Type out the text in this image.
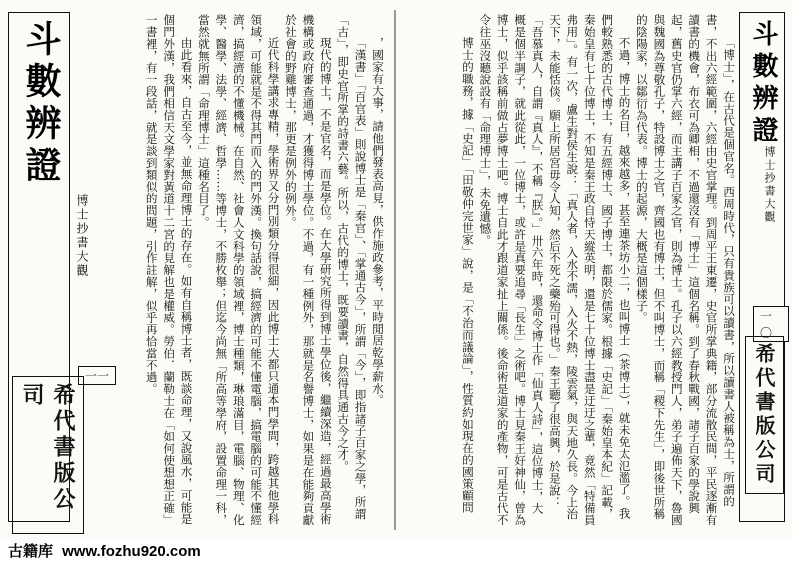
斗數辨證
博士抄書大觀
一一
希代書版公司	，國家有大事，請他們發表高見，供作施政參考，平時閒居乾學薪水。

「漢書」「百官表」則說博士是「秦官」、「掌通古今」，所謂「今」，即指諸子百家之學，所謂「古」，即史官所掌的詩書六藝。所以，古代的博士，既要讀書，自然得具通古今之才。

現代的博士，不是官名，而是學位。在大學研究所得到博士學位後，繼續深造，經過最高學術機構或政府審查通過，才獲得博士學位。不過，有一種例外，那就是名譽博士，如果是在能夠貢獻於社會的野雞博士，那更是例外的例外。

近代科學講求專精，學術界又分門別類分得很細，因此博士大都只通本門學問，跨越其他學科領域，可能就是不得其門而入的門外漢。換句話說，搞經濟的可能不懂電腦，搞電腦的可能不懂經濟，搞經濟的不懂機械。在自然、社會人文科學的領域裡，博士種類，琳琅滿目，電腦、物理、化學、醫學、法學、經濟、哲學……等博士，不勝枚舉；但迄今尚無「所高等學府，設置命理一科，當然就無所謂「命理博士」這種名目了。

由此看來，自古至今，並無命理博士的存在。如有自稱博士者，既談命理，又說風水，可能是個門外漢，我們相信天文學家對黃道十二宮的見解也是權威。勞伯．蘭勒士在「如何使想想正確」一書裡，有一段話，就是談到類似的問題，引作註解，似乎再恰當不過。	斗數辨證
博士抄書大觀
一〇
希代書版公司

「博士」，在古代是個官名。西周時代，只有貴族可以讀書，所以讀書人被稱為士，所謂的書，不出六經範圍，六經由史官掌理。到周平王東遷，史官所掌典籍，部分流散民間，平民逐漸有讀書的機會，布衣可為卿相，不過還沒有「博士」這個名稱。到了春秋戰國，諸子百家的學說興起，舊史官仍掌六經，而主講子百家之官，則為博士。孔子以六經教授門人，弟子遍佈天下，魯國與魏國為尊敬孔子，特設博士之官，齊國也有博士，但不叫博士，而稱「稷下先生」，即後世所稱的陰陽家，以鄒衍為代表。博士的起源，大概是這個樣子。

不過，博士的名目，越來越多，甚至連茶坊小二，也叫博士（茶博士），就未免太氾濫了。我們較熟悉的古代博士，有五經博士、國子博士，都限於儒家。根據「史記」「秦始皇本紀」記載，秦始皇有七十位博士，不知是秦王政自恃天縱英明，還是七十位博士盡是迂迂之輩，竟然「特備員弗用」。有一次，盧生對侯生說：「真人者，入水不濡，入火不熱，陵雲氣，與天地久長。今上治天下，未能恬倓。願上所居宮毋令人知，然后不死之藥殆可得也。」秦王聽了很高興，於是說：「吾慕真人，自謂『真人』，不稱『朕』。」卅六年時，還命令博士作「仙真人詩」，這位博士，大概是個半調子，就此從此，一位博士，或許是真要追尋「長生」之術吧。博士見秦王好神仙，曾為博士，似乎該稱前做占夢博士吧。博士自此才跟道家扯上關係。後命術是道家的產物，可是古代不令往巫沒聽說設有「命理博士」，未免遺憾。

博士的職務，據「史記」「田敬仲完世家」說，是「不治而議論」，性質約如現在的國策顧問

古籍库 www.fozhu920.com
